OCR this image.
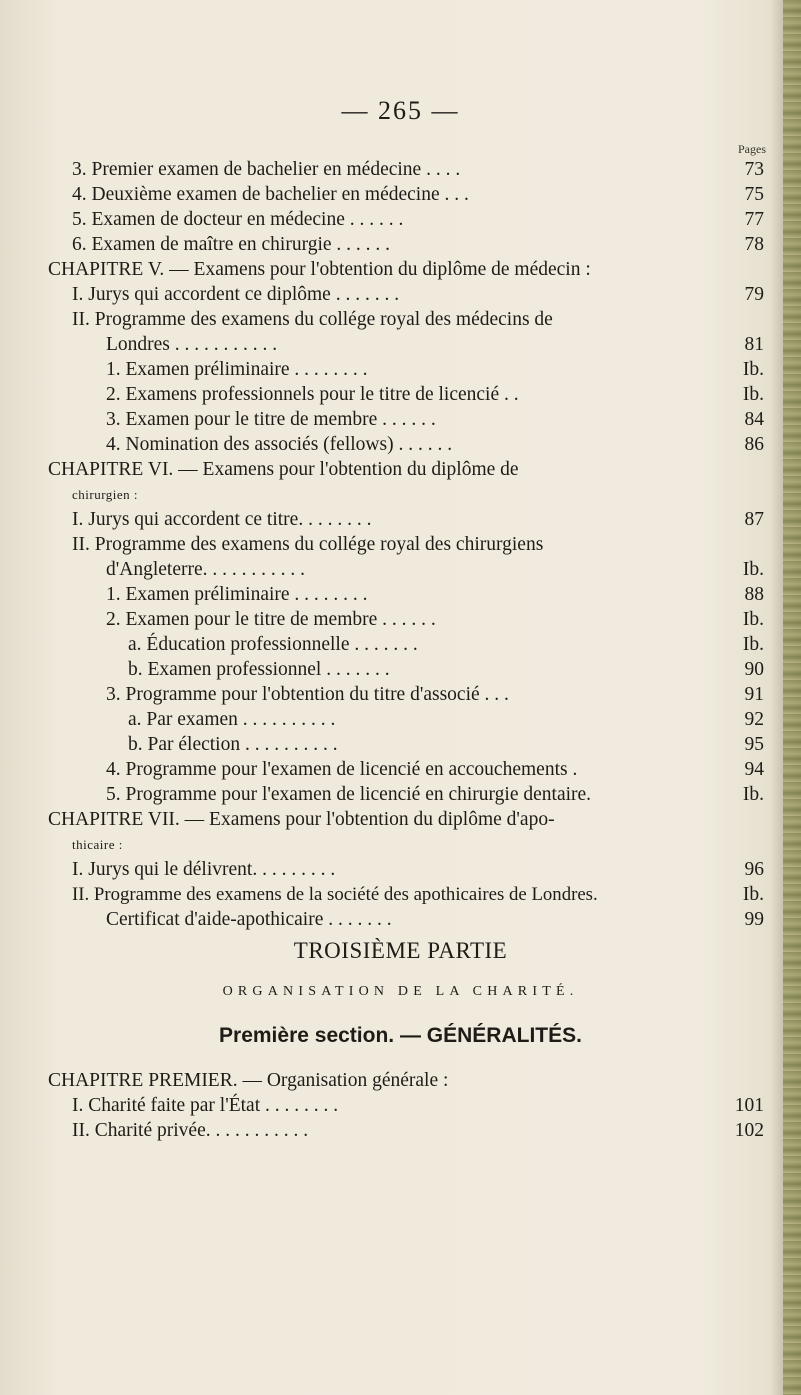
— 265 —
Pages
3. Premier examen de bachelier en médecine . . . .	73
4. Deuxième examen de bachelier en médecine . . .	75
5. Examen de docteur en médecine . . . . . .	77
6. Examen de maître en chirurgie . . . . . .	78
CHAPITRE V. — Examens pour l'obtention du diplôme de médecin :
I. Jurys qui accordent ce diplôme . . . . . . .	79
II. Programme des examens du collége royal des médecins de
Londres . . . . . . . . . . .	81
1. Examen préliminaire . . . . . . . .	Ib.
2. Examens professionnels pour le titre de licencié . .	Ib.
3. Examen pour le titre de membre . . . . . .	84
4. Nomination des associés (fellows) . . . . . .	86
CHAPITRE VI. — Examens pour l'obtention du diplôme de
chirurgien :
I. Jurys qui accordent ce titre. . . . . . . .	87
II. Programme des examens du collége royal des chirurgiens
d'Angleterre. . . . . . . . . . .	Ib.
1. Examen préliminaire . . . . . . . .	88
2. Examen pour le titre de membre . . . . . .	Ib.
a. Éducation professionnelle . . . . . . .	Ib.
b. Examen professionnel . . . . . . .	90
3. Programme pour l'obtention du titre d'associé . . .	91
a. Par examen . . . . . . . . . .	92
b. Par élection . . . . . . . . . .	95
4. Programme pour l'examen de licencié en accouchements .	94
5. Programme pour l'examen de licencié en chirurgie dentaire.	Ib.
CHAPITRE VII. — Examens pour l'obtention du diplôme d'apo-
thicaire :
I. Jurys qui le délivrent. . . . . . . . .	96
II. Programme des examens de la société des apothicaires de Londres.	Ib.
Certificat d'aide-apothicaire . . . . . . .	99
TROISIÈME PARTIE
ORGANISATION DE LA CHARITÉ.
Première section. — GÉNÉRALITÉS.
CHAPITRE PREMIER. — Organisation générale :
I. Charité faite par l'État . . . . . . . .	101
II. Charité privée. . . . . . . . . . .	102
